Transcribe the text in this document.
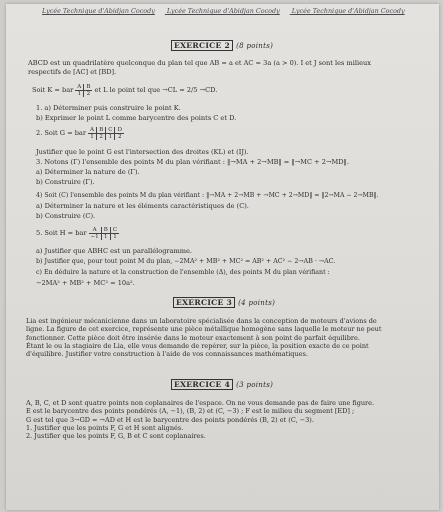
Lycée Technique d'Abidjan Cocody Lycée Technique d'Abidjan Cocody Lycée Technique d'Abidjan Cocody
EXERCICE 2 (8 points)
ABCD est un quadrilatère quelconque du plan tel que AB = a et AC = 3a (a > 0). I et J sont les milieux
respectifs de [AC] et [BD].
Soit K = bar A	B
1	2 et L le point tel que →CL = 2/5 →CD.
1. a) Déterminer puis construire le point K.
b) Exprimer le point L comme barycentre des points C et D.
2. Soit G = bar A	B	C	D
1	2	1	2
Justifier que le point G est l'intersection des droites (KL) et (IJ).
3. Notons (Γ) l'ensemble des points M du plan vérifiant : ‖→MA + 2→MB‖ = ‖→MC + 2→MD‖.
a) Déterminer la nature de (Γ).
b) Construire (Γ).
4) Soit (C) l'ensemble des points M du plan vérifiant : ‖→MA + 2→MB + →MC + 2→MD‖ = ‖2→MA − 2→MB‖.
a) Déterminer la nature et les éléments caractéristiques de (C).
b) Construire (C).
5. Soit H = bar A	B	C
−1	1	1
a) Justifier que ABHC est un parallélogramme.
b) Justifier que, pour tout point M du plan, −2MA² + MB² + MC² = AB² + AC² − 2→AB · →AC.
c) En déduire la nature et la construction de l'ensemble (Δ), des points M du plan vérifiant :
−2MA² + MB² + MC² = 10a².
EXERCICE 3 (4 points)
Lia est ingénieur mécanicienne dans un laboratoire spécialisée dans la conception de moteurs d'avions de
ligne. La figure de cet exercice, représente une pièce métallique homogène sans laquelle le moteur ne peut
fonctionner. Cette pièce doit être insérée dans le moteur exactement à son point de parfait équilibre.
Étant le ou la stagiaire de Lia, elle vous demande de repérer, sur la pièce, la position exacte de ce point
d'équilibre. Justifier votre construction à l'aide de vos connaissances mathématiques.
EXERCICE 4 (3 points)
A, B, C, et D sont quatre points non coplanaires de l'espace. On ne vous demande pas de faire une figure.
E est le barycentre des points pondérés (A, −1), (B, 2) et (C, −3) ; F est le milieu du segment [ED] ;
G est tel que 3→GD = →AD et H est le barycentre des points pondérés (B, 2) et (C, −3).
1. Justifier que les points F, G et H sont alignés.
2. Justifier que les points F, G, B et C sont coplanaires.
